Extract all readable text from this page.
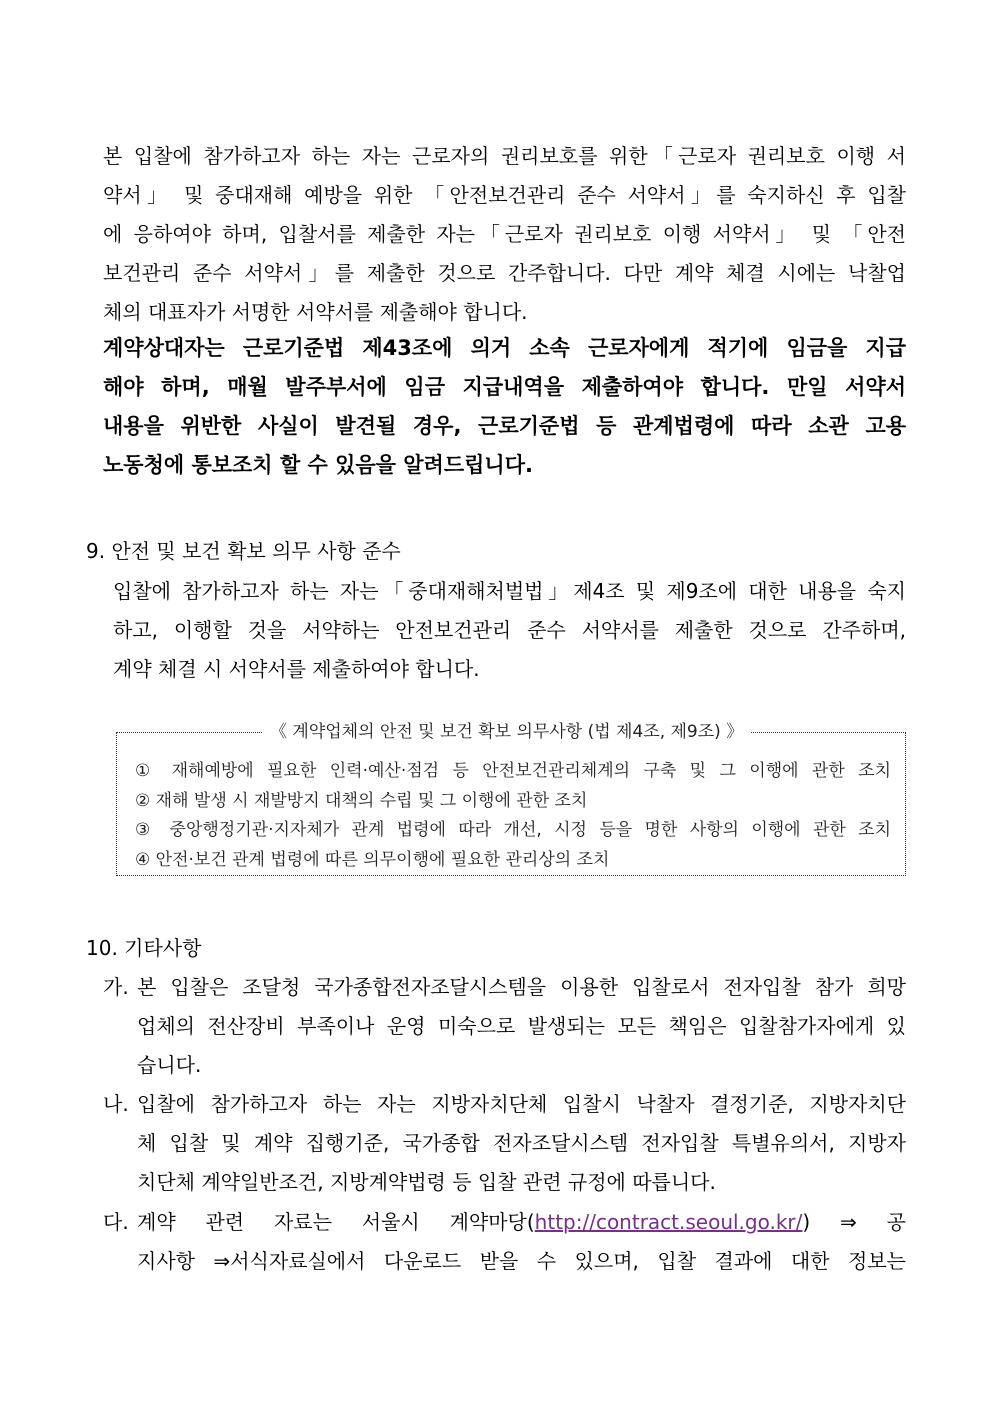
본 입찰에 참가하고자 하는 자는 근로자의 권리보호를 위한「근로자 권리보호 이행 서
약서」 및 중대재해 예방을 위한 「안전보건관리 준수 서약서」를 숙지하신 후 입찰
에 응하여야 하며, 입찰서를 제출한 자는「근로자 권리보호 이행 서약서」 및 「안전
보건관리 준수 서약서」를 제출한 것으로 간주합니다. 다만 계약 체결 시에는 낙찰업
체의 대표자가 서명한 서약서를 제출해야 합니다.
계약상대자는 근로기준법 제43조에 의거 소속 근로자에게 적기에 임금을 지급
해야 하며, 매월 발주부서에 임금 지급내역을 제출하여야 합니다. 만일 서약서
내용을 위반한 사실이 발견될 경우, 근로기준법 등 관계법령에 따라 소관 고용
노동청에 통보조치 할 수 있음을 알려드립니다.
9. 안전 및 보건 확보 의무 사항 준수
입찰에 참가하고자 하는 자는「중대재해처벌법」제4조 및 제9조에 대한 내용을 숙지
하고, 이행할 것을 서약하는 안전보건관리 준수 서약서를 제출한 것으로 간주하며,
계약 체결 시 서약서를 제출하여야 합니다.
《 계약업체의 안전 및 보건 확보 의무사항 (법 제4조, 제9조) 》
① 재해예방에 필요한 인력·예산·점검 등 안전보건관리체계의 구축 및 그 이행에 관한 조치
② 재해 발생 시 재발방지 대책의 수립 및 그 이행에 관한 조치
③ 중앙행정기관·지자체가 관계 법령에 따라 개선, 시정 등을 명한 사항의 이행에 관한 조치
④ 안전·보건 관계 법령에 따른 의무이행에 필요한 관리상의 조치
10. 기타사항
가. 본 입찰은 조달청 국가종합전자조달시스템을 이용한 입찰로서 전자입찰 참가 희망
업체의 전산장비 부족이나 운영 미숙으로 발생되는 모든 책임은 입찰참가자에게 있
습니다.
나. 입찰에 참가하고자 하는 자는 지방자치단체 입찰시 낙찰자 결정기준, 지방자치단
체 입찰 및 계약 집행기준, 국가종합 전자조달시스템 전자입찰 특별유의서, 지방자
치단체 계약일반조건, 지방계약법령 등 입찰 관련 규정에 따릅니다.
다. 계약 관련 자료는 서울시 계약마당(http://contract.seoul.go.kr/) ⇒ 공
지사항 ⇒서식자료실에서 다운로드 받을 수 있으며, 입찰 결과에 대한 정보는
